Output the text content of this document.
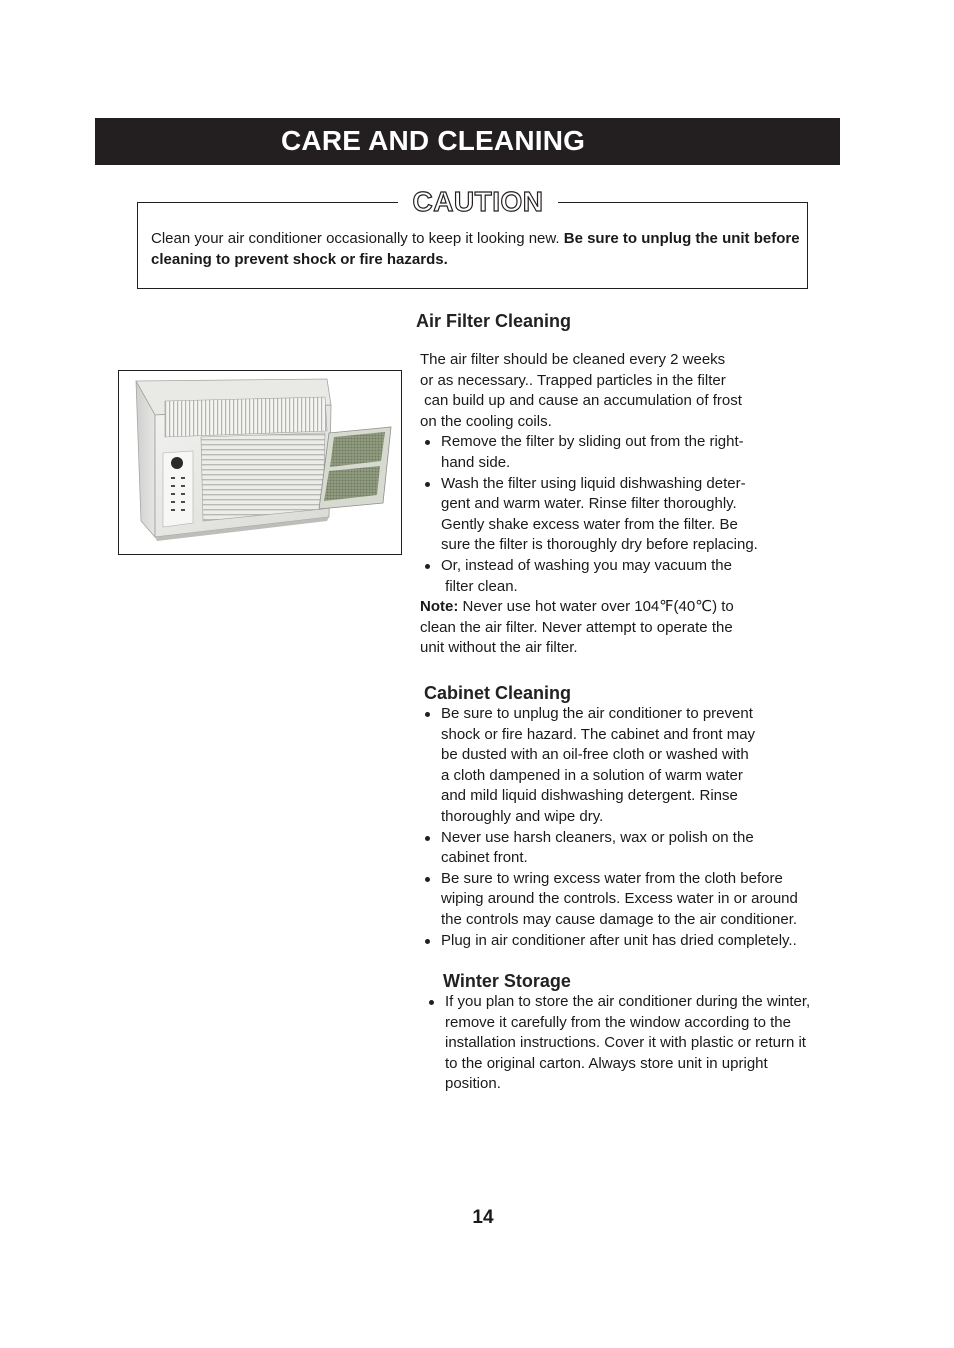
CARE AND CLEANING
CAUTION
Clean your air conditioner occasionally to keep it looking new. Be sure to unplug the unit before cleaning to prevent shock or fire hazards.
Air Filter Cleaning
The air filter should be cleaned every 2 weeks
or as necessary.. Trapped particles in the filter
can build up and cause an accumulation of frost
on the cooling coils.
Remove the filter by sliding out from the right-
hand side.
Wash the filter using liquid dishwashing deter-
gent and warm water. Rinse filter thoroughly.
Gently shake excess water from the filter. Be
sure the filter is thoroughly dry before replacing.
Or, instead of washing you may vacuum the
filter clean.
Note: Never use hot water over 104℉(40℃) to
clean the air filter. Never attempt to operate the
unit without the air filter.
Cabinet Cleaning
Be sure to unplug the air conditioner to prevent
shock or fire hazard. The cabinet and front may
be dusted with an oil-free cloth or washed with
a cloth dampened in a solution of warm water
and mild liquid dishwashing detergent. Rinse
thoroughly and wipe dry.
Never use harsh cleaners, wax or polish on the
cabinet front.
Be sure to wring excess water from the cloth before
wiping around the controls. Excess water in or around
the controls may cause damage to the air conditioner.
Plug in air conditioner after unit has dried completely..
Winter Storage
If you plan to store the air conditioner during the winter,
remove it carefully from the window according to the
installation instructions. Cover it with plastic or return it
to the original carton. Always store unit in upright
position.
14
